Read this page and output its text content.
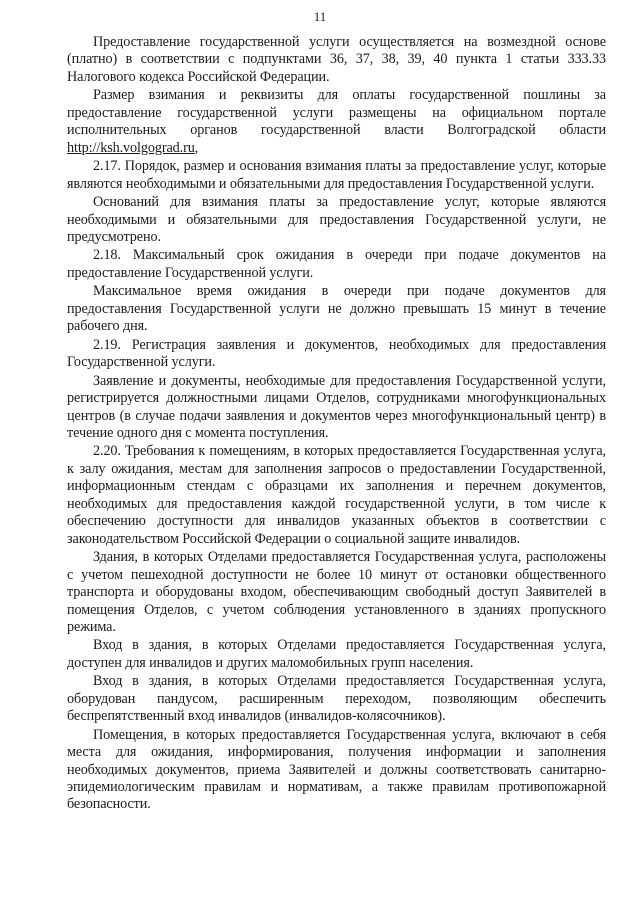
11

Предоставление государственной услуги осуществляется на возмездной основе (платно) в соответствии с подпунктами 36, 37, 38, 39, 40 пункта 1 статьи 333.33 Налогового кодекса Российской Федерации.

Размер взимания и реквизиты для оплаты государственной пошлины за предоставление государственной услуги размещены на официальном портале исполнительных органов государственной власти Волгоградской области http://ksh.volgograd.ru,

2.17. Порядок, размер и основания взимания платы за предоставление услуг, которые являются необходимыми и обязательными для предоставления Государственной услуги.

Оснований для взимания платы за предоставление услуг, которые являются необходимыми и обязательными для предоставления Государственной услуги, не предусмотрено.

2.18. Максимальный срок ожидания в очереди при подаче документов на предоставление Государственной услуги.

Максимальное время ожидания в очереди при подаче документов для предоставления Государственной услуги не должно превышать 15 минут в течение рабочего дня.

2.19. Регистрация заявления и документов, необходимых для предоставления Государственной услуги.

Заявление и документы, необходимые для предоставления Государственной услуги, регистрируется должностными лицами Отделов, сотрудниками многофункциональных центров (в случае подачи заявления и документов через многофункциональный центр) в течение одного дня с момента поступления.

2.20. Требования к помещениям, в которых предоставляется Государственная услуга, к залу ожидания, местам для заполнения запросов о предоставлении Государственной, информационным стендам с образцами их заполнения и перечнем документов, необходимых для предоставления каждой государственной услуги, в том числе к обеспечению доступности для инвалидов указанных объектов в соответствии с законодательством Российской Федерации о социальной защите инвалидов.

Здания, в которых Отделами предоставляется Государственная услуга, расположены с учетом пешеходной доступности не более 10 минут от остановки общественного транспорта и оборудованы входом, обеспечивающим свободный доступ Заявителей в помещения Отделов, с учетом соблюдения установленного в зданиях пропускного режима.

Вход в здания, в которых Отделами предоставляется Государственная услуга, доступен для инвалидов и других маломобильных групп населения.

Вход в здания, в которых Отделами предоставляется Государственная услуга, оборудован пандусом, расширенным переходом, позволяющим обеспечить беспрепятственный вход инвалидов (инвалидов-колясочников).

Помещения, в которых предоставляется Государственная услуга, включают в себя места для ожидания, информирования, получения информации и заполнения необходимых документов, приема Заявителей и должны соответствовать санитарно-эпидемиологическим правилам и нормативам, а также правилам противопожарной безопасности.
